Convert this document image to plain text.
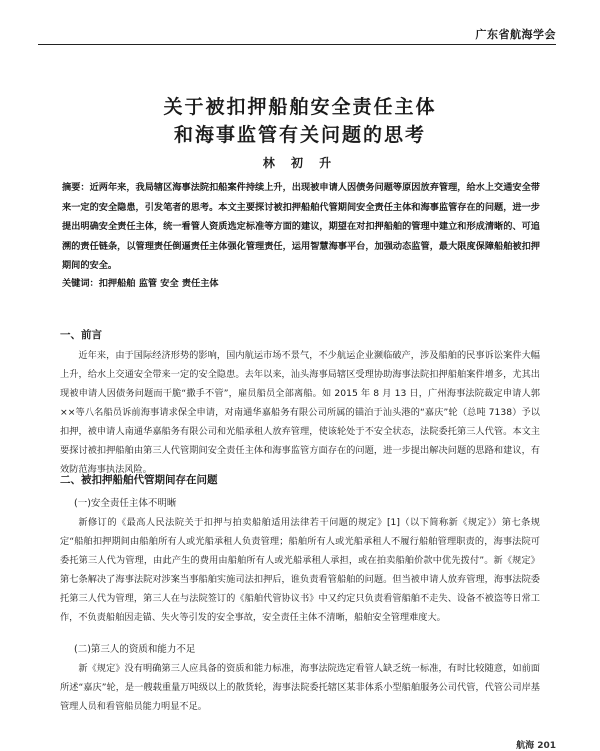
广东省航海学会
关于被扣押船舶安全责任主体
和海事监管有关问题的思考
林 初 升
摘要：近两年来，我局辖区海事法院扣船案件持续上升，出现被申请人因债务问题等原因放弃管理，给水上交通安全带来一定的安全隐患，引发笔者的思考。本文主要探讨被扣押船舶代管期间安全责任主体和海事监管存在的问题，进一步提出明确安全责任主体，统一看管人资质选定标准等方面的建议，期望在对扣押船舶的管理中建立和形成清晰的、可追溯的责任链条，以管理责任倒逼责任主体强化管理责任，运用智慧海事平台，加强动态监管，最大限度保障船舶被扣押期间的安全。
关键词：扣押船舶 监管 安全 责任主体
一、前言
近年来，由于国际经济形势的影响，国内航运市场不景气，不少航运企业濒临破产，涉及船舶的民事诉讼案件大幅上升，给水上交通安全带来一定的安全隐患。去年以来，汕头海事局辖区受理协助海事法院扣押船舶案件增多，尤其出现被申请人因债务问题而干脆“撒手不管”，雇员船员全部离船。如 2015 年 8 月 13 日，广州海事法院裁定申请人郭××等八名船员诉前海事请求保全申请，对南通华嘉船务有限公司所属的锚泊于汕头港的“嘉庆”轮（总吨 7138）予以扣押，被申请人南通华嘉船务有限公司和光船承租人放弃管理，使该轮处于不安全状态，法院委托第三人代管。本文主要探讨被扣押船舶由第三人代管期间安全责任主体和海事监管方面存在的问题，进一步提出解决问题的思路和建议，有效防范海事执法风险。
二、被扣押船舶代管期间存在问题
(一)安全责任主体不明晰
新修订的《最高人民法院关于扣押与拍卖船舶适用法律若干问题的规定》[1]（以下简称新《规定》）第七条规定“船舶扣押期间由船舶所有人或光船承租人负责管理；船舶所有人或光船承租人不履行船舶管理职责的，海事法院可委托第三人代为管理，由此产生的费用由船舶所有人或光船承租人承担，或在拍卖船舶价款中优先拨付”。新《规定》第七条解决了海事法院对涉案当事船舶实施司法扣押后，谁负责看管船舶的问题。但当被申请人放弃管理，海事法院委托第三人代为管理，第三人在与法院签订的《船舶代管协议书》中又约定只负责看管船舶不走失、设备不被盗等日常工作，不负责船舶因走锚、失火等引发的安全事故，安全责任主体不清晰，船舶安全管理难度大。
(二)第三人的资质和能力不足
新《规定》没有明确第三人应具备的资质和能力标准，海事法院选定看管人缺乏统一标准，有时比较随意，如前面所述“嘉庆”轮，是一艘载重量万吨级以上的散货轮，海事法院委托辖区某非体系小型船舶服务公司代管，代管公司岸基管理人员和看管船员能力明显不足。
航海 201
